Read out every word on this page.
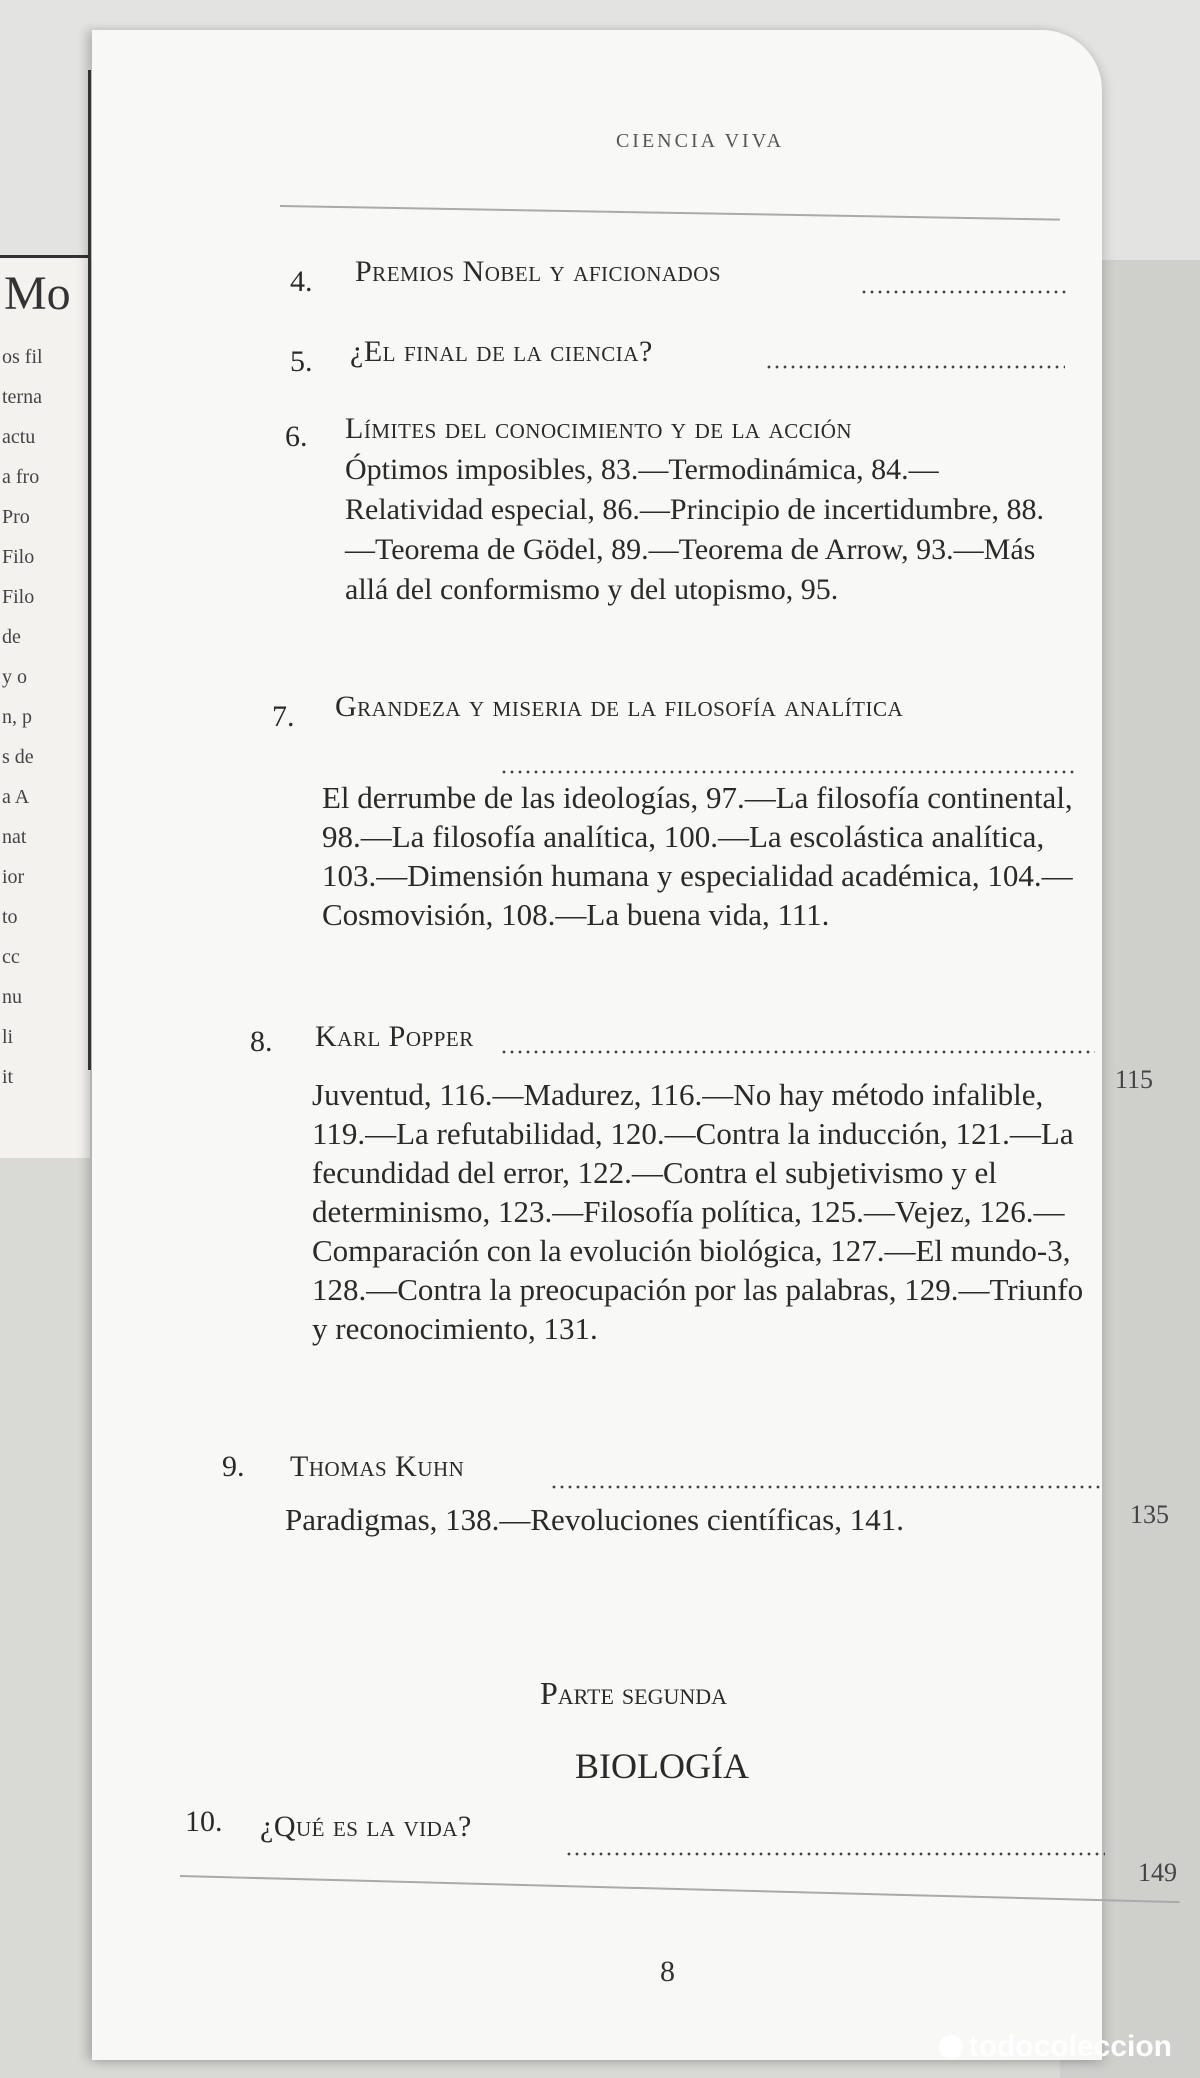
Mo
os fil
terna
actu
a fro
Pro
Filo
Filo
de
y o
n, p
s de
a A
nat
ior
to
cc
nu
li
it
CIENCIA VIVA
4. Premios Nobel y aficionados
5. ¿El final de la ciencia?
6. Límites del conocimiento y de la acción
Óptimos imposibles, 83.—Termodinámica, 84.—Relatividad especial, 86.—Principio de incertidumbre, 88.—Teorema de Gödel, 89.—Teorema de Arrow, 93.—Más allá del conformismo y del utopismo, 95.
7. Grandeza y miseria de la filosofía analítica
El derrumbe de las ideologías, 97.—La filosofía continental, 98.—La filosofía analítica, 100.—La escolástica analítica, 103.—Dimensión humana y especialidad académica, 104.—Cosmovisión, 108.—La buena vida, 111.
8. Karl Popper
115
Juventud, 116.—Madurez, 116.—No hay método infalible, 119.—La refutabilidad, 120.—Contra la inducción, 121.—La fecundidad del error, 122.—Contra el subjetivismo y el determinismo, 123.—Filosofía política, 125.—Vejez, 126.—Comparación con la evolución biológica, 127.—El mundo-3, 128.—Contra la preocupación por las palabras, 129.—Triunfo y reconocimiento, 131.
9. Thomas Kuhn
135
Paradigmas, 138.—Revoluciones científicas, 141.
Parte segunda
BIOLOGÍA
10. ¿Qué es la vida?
149
8
todocoleccion
